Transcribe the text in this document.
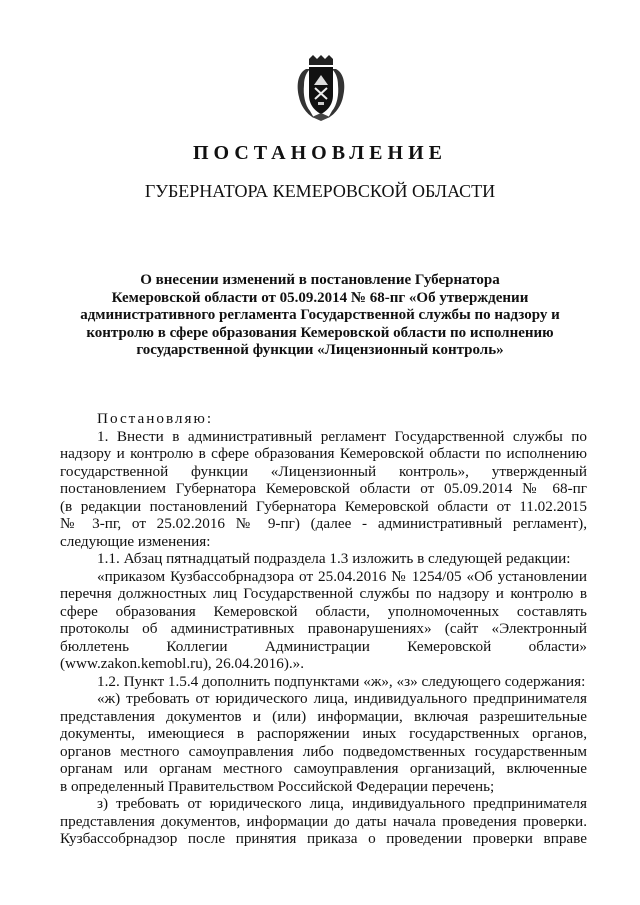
ПОСТАНОВЛЕНИЕ
ГУБЕРНАТОРА КЕМЕРОВСКОЙ ОБЛАСТИ
О внесении изменений в постановление Губернатора
Кемеровской области от 05.09.2014 № 68-пг «Об утверждении
административного регламента Государственной службы по надзору и
контролю в сфере образования Кемеровской области по исполнению
государственной функции «Лицензионный контроль»
Постановляю:
1. Внести в административный регламент Государственной службы по
надзору и контролю в сфере образования Кемеровской области по исполнению
государственной функции «Лицензионный контроль», утвержденный
постановлением Губернатора Кемеровской области от 05.09.2014 № 68-пг
(в редакции постановлений Губернатора Кемеровской области от 11.02.2015
№ 3-пг, от 25.02.2016 № 9-пг) (далее - административный регламент),
следующие изменения:
1.1. Абзац пятнадцатый подраздела 1.3 изложить в следующей редакции:
«приказом Кузбассобрнадзора от 25.04.2016 № 1254/05 «Об установлении
перечня должностных лиц Государственной службы по надзору и контролю в
сфере образования Кемеровской области, уполномоченных составлять
протоколы об административных правонарушениях» (сайт «Электронный
бюллетень Коллегии Администрации Кемеровской области»
(www.zakon.kemobl.ru), 26.04.2016).».
1.2. Пункт 1.5.4 дополнить подпунктами «ж», «з» следующего содержания:
«ж) требовать от юридического лица, индивидуального предпринимателя
представления документов и (или) информации, включая разрешительные
документы, имеющиеся в распоряжении иных государственных органов,
органов местного самоуправления либо подведомственных государственным
органам или органам местного самоуправления организаций, включенные
в определенный Правительством Российской Федерации перечень;
з) требовать от юридического лица, индивидуального предпринимателя
представления документов, информации до даты начала проведения проверки.
Кузбассобрнадзор после принятия приказа о проведении проверки вправе
